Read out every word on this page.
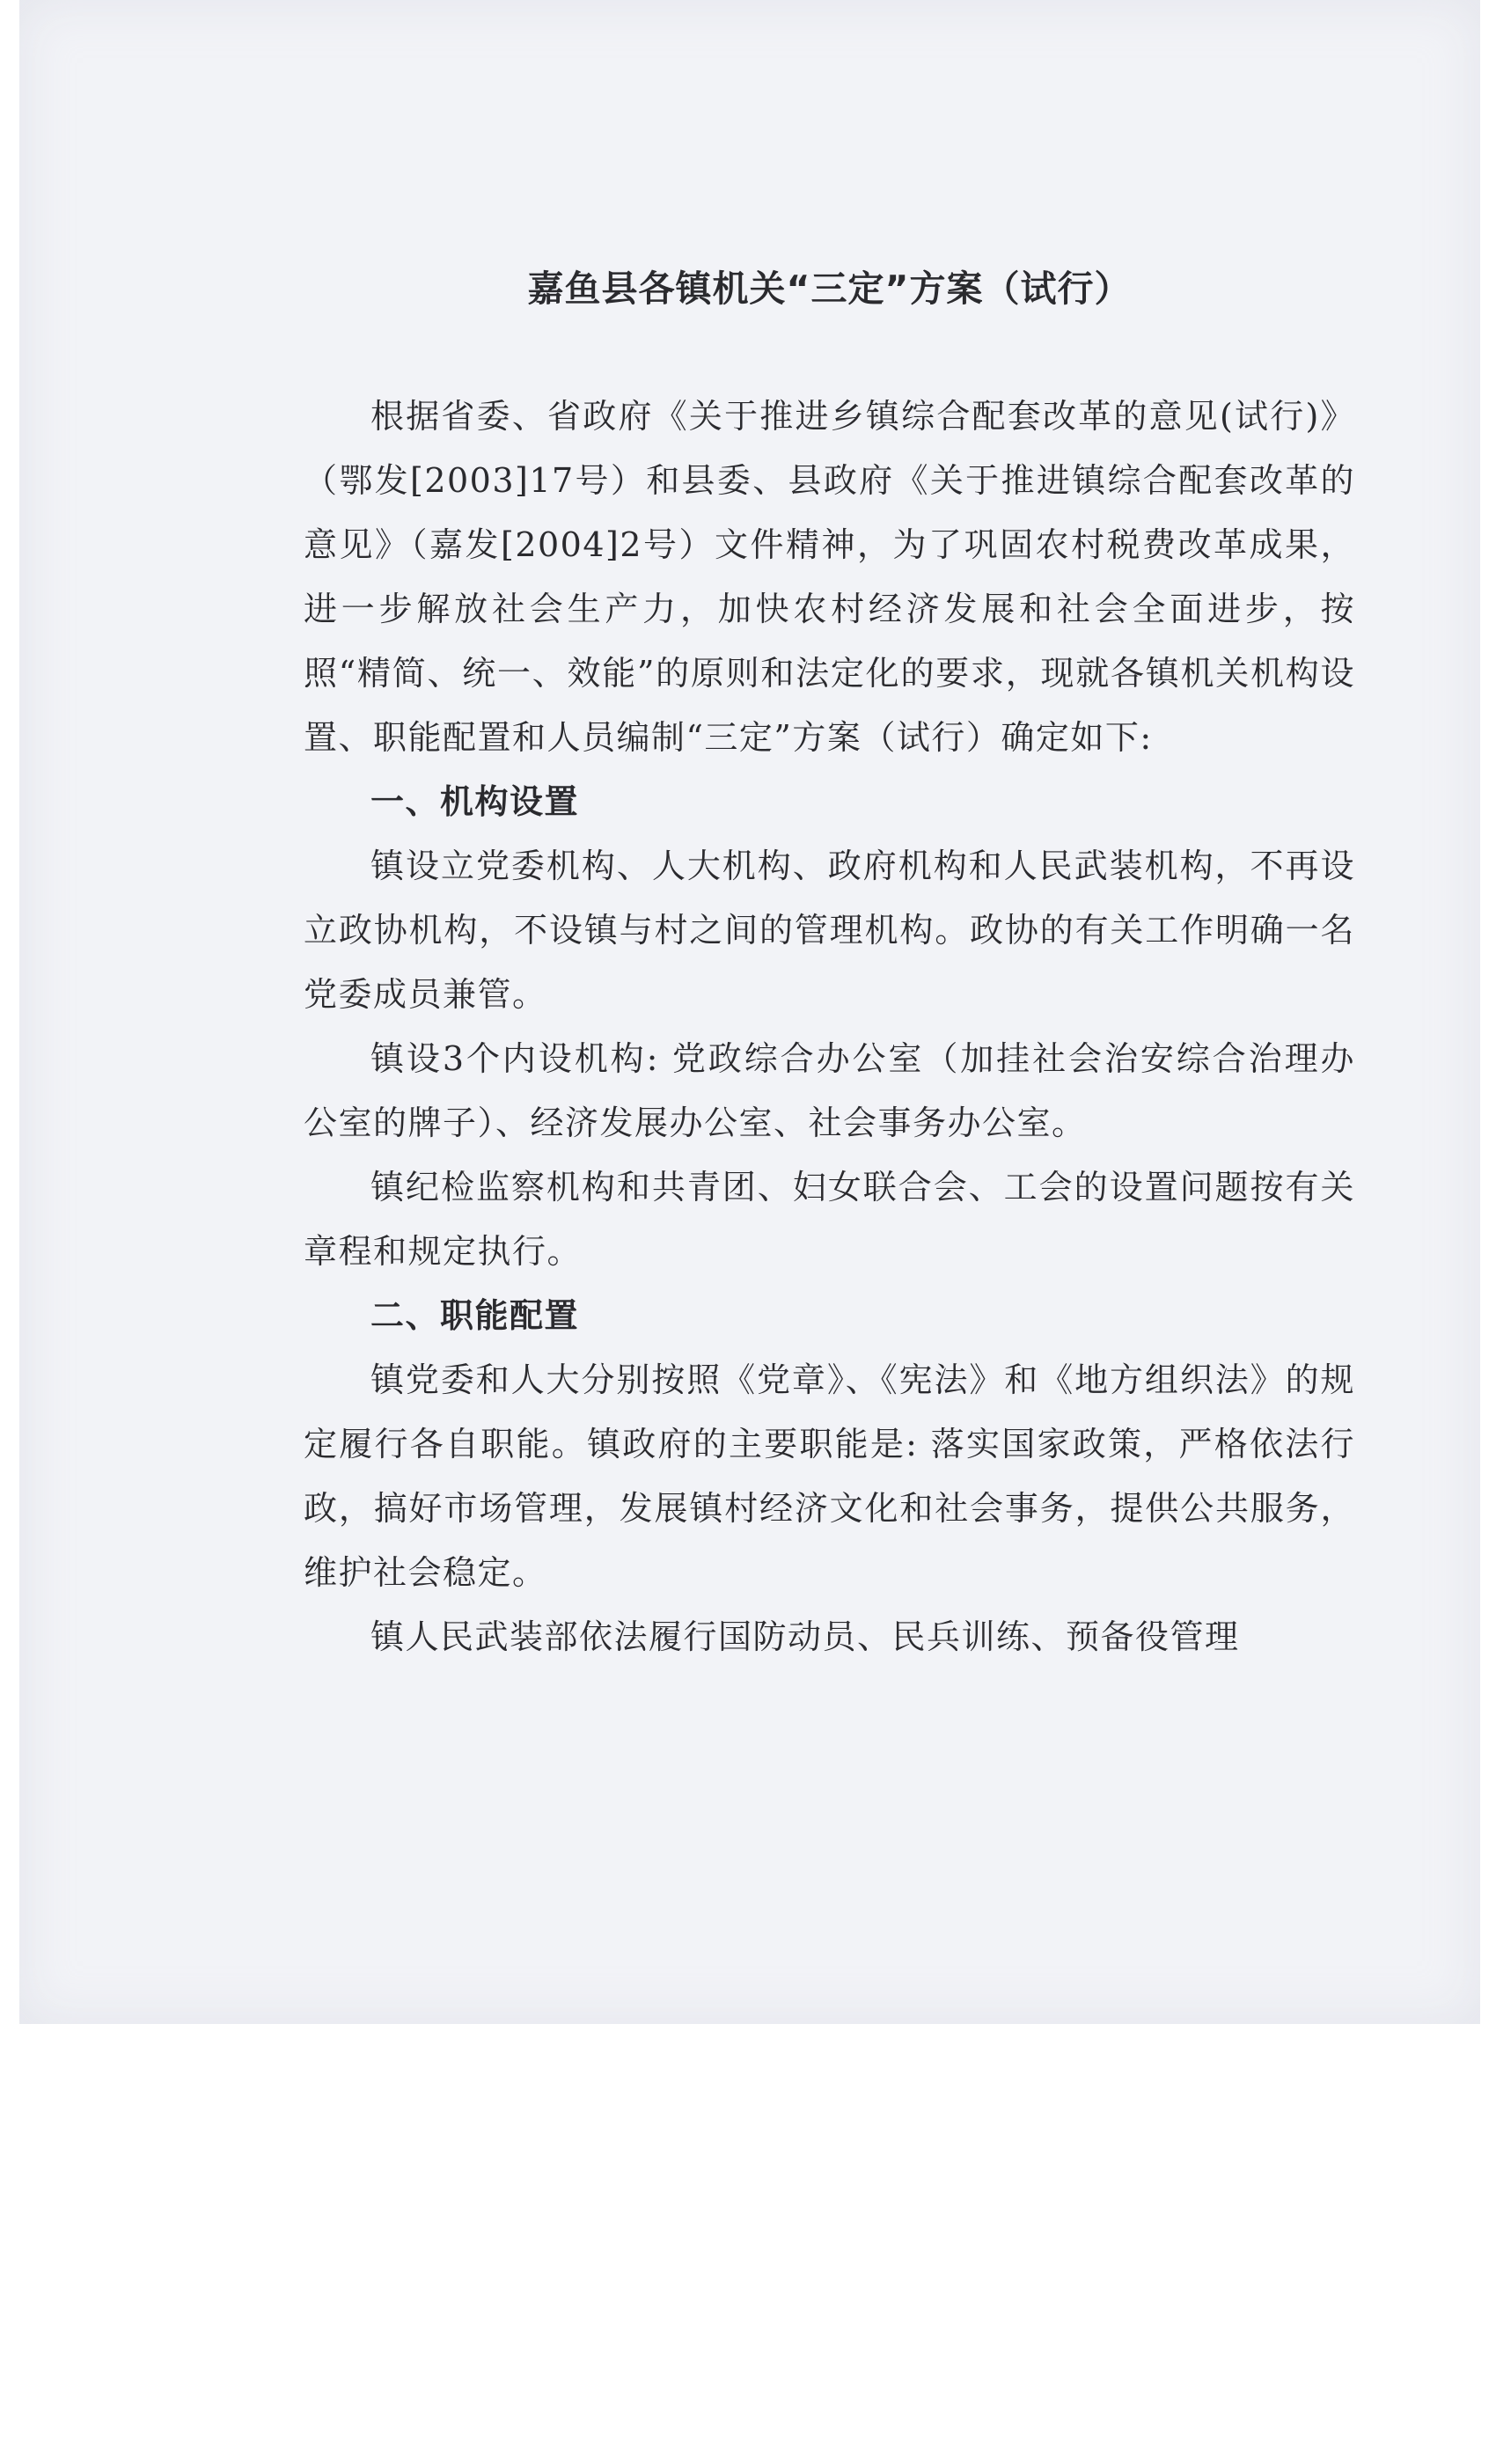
嘉鱼县各镇机关“三定”方案（试行）

根据省委、省政府《关于推进乡镇综合配套改革的意见(试行)》（鄂发[2003]17号）和县委、县政府《关于推进镇综合配套改革的意见》（嘉发[2004]2号）文件精神，为了巩固农村税费改革成果，进一步解放社会生产力，加快农村经济发展和社会全面进步，按照“精简、统一、效能”的原则和法定化的要求，现就各镇机关机构设置、职能配置和人员编制“三定”方案（试行）确定如下:

一、机构设置

镇设立党委机构、人大机构、政府机构和人民武装机构，不再设立政协机构，不设镇与村之间的管理机构。政协的有关工作明确一名党委成员兼管。

镇设3个内设机构: 党政综合办公室（加挂社会治安综合治理办公室的牌子）、经济发展办公室、社会事务办公室。

镇纪检监察机构和共青团、妇女联合会、工会的设置问题按有关章程和规定执行。

二、职能配置

镇党委和人大分别按照《党章》、《宪法》和《地方组织法》的规定履行各自职能。镇政府的主要职能是: 落实国家政策，严格依法行政，搞好市场管理，发展镇村经济文化和社会事务，提供公共服务，维护社会稳定。

镇人民武装部依法履行国防动员、民兵训练、预备役管理
